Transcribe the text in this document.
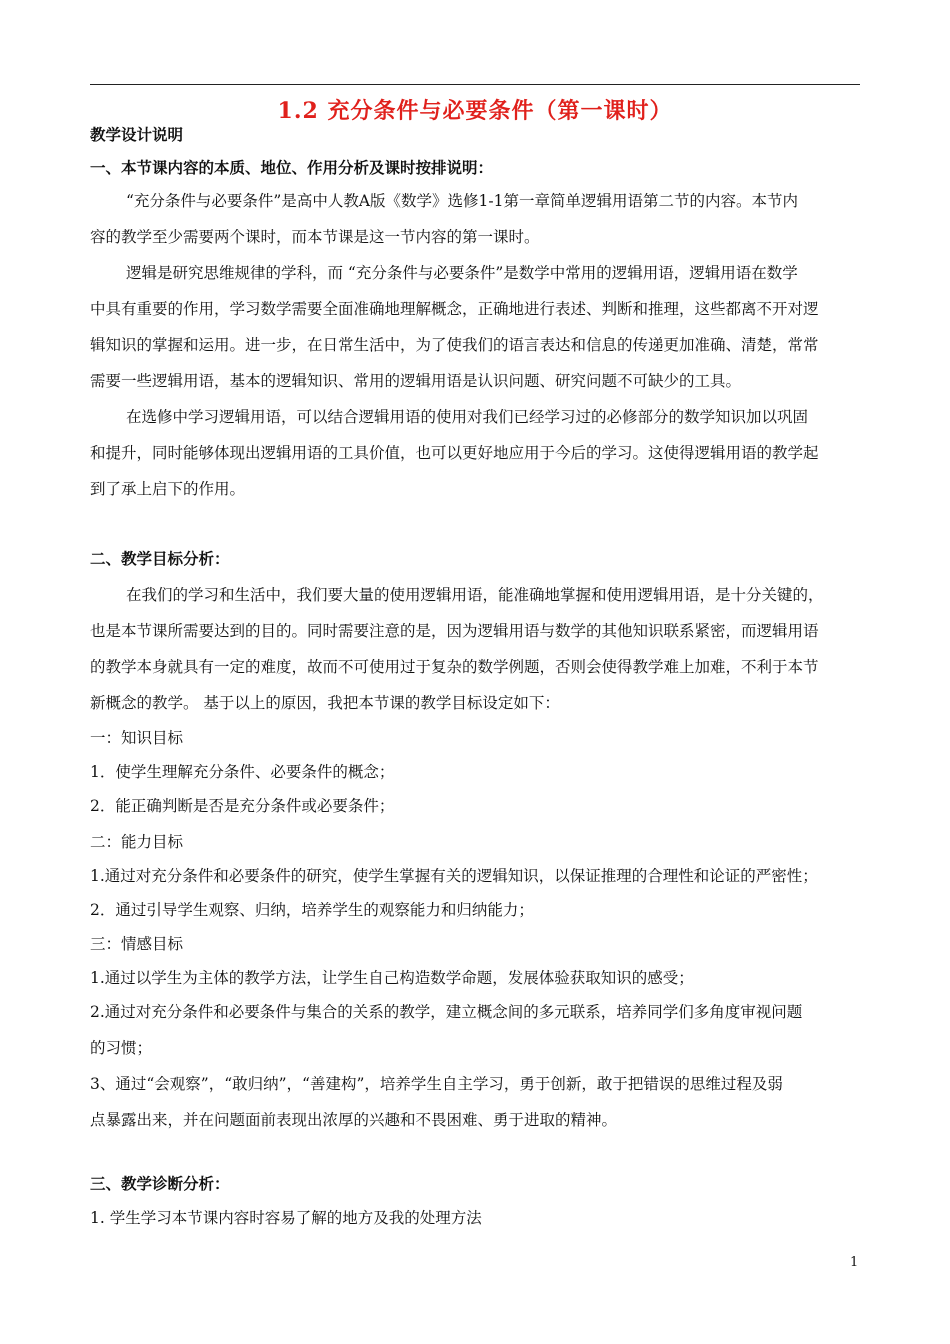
1.2 充分条件与必要条件（第一课时）
教学设计说明
一、本节课内容的本质、地位、作用分析及课时按排说明：
“充分条件与必要条件”是高中人教A版《数学》选修1-1第一章简单逻辑用语第二节的内容。本节内
容的教学至少需要两个课时，而本节课是这一节内容的第一课时。
逻辑是研究思维规律的学科，而 “充分条件与必要条件”是数学中常用的逻辑用语，逻辑用语在数学
中具有重要的作用，学习数学需要全面准确地理解概念，正确地进行表述、判断和推理，这些都离不开对逻
辑知识的掌握和运用。进一步，在日常生活中，为了使我们的语言表达和信息的传递更加准确、清楚，常常
需要一些逻辑用语，基本的逻辑知识、常用的逻辑用语是认识问题、研究问题不可缺少的工具。
在选修中学习逻辑用语，可以结合逻辑用语的使用对我们已经学习过的必修部分的数学知识加以巩固
和提升，同时能够体现出逻辑用语的工具价值，也可以更好地应用于今后的学习。这使得逻辑用语的教学起
到了承上启下的作用。
二、教学目标分析：
在我们的学习和生活中，我们要大量的使用逻辑用语，能准确地掌握和使用逻辑用语，是十分关键的，
也是本节课所需要达到的目的。同时需要注意的是，因为逻辑用语与数学的其他知识联系紧密，而逻辑用语
的教学本身就具有一定的难度，故而不可使用过于复杂的数学例题，否则会使得教学难上加难，不利于本节
新概念的教学。 基于以上的原因，我把本节课的教学目标设定如下：
一：知识目标
1．使学生理解充分条件、必要条件的概念；
2．能正确判断是否是充分条件或必要条件；
二：能力目标
1.通过对充分条件和必要条件的研究，使学生掌握有关的逻辑知识，以保证推理的合理性和论证的严密性；
2．通过引导学生观察、归纳，培养学生的观察能力和归纳能力；
三：情感目标
1.通过以学生为主体的教学方法，让学生自己构造数学命题，发展体验获取知识的感受；
2.通过对充分条件和必要条件与集合的关系的教学，建立概念间的多元联系，培养同学们多角度审视问题
的习惯；
3、通过“会观察”，“敢归纳”，“善建构”，培养学生自主学习，勇于创新，敢于把错误的思维过程及弱
点暴露出来，并在问题面前表现出浓厚的兴趣和不畏困难、勇于进取的精神。
三、教学诊断分析：
1. 学生学习本节课内容时容易了解的地方及我的处理方法
1
